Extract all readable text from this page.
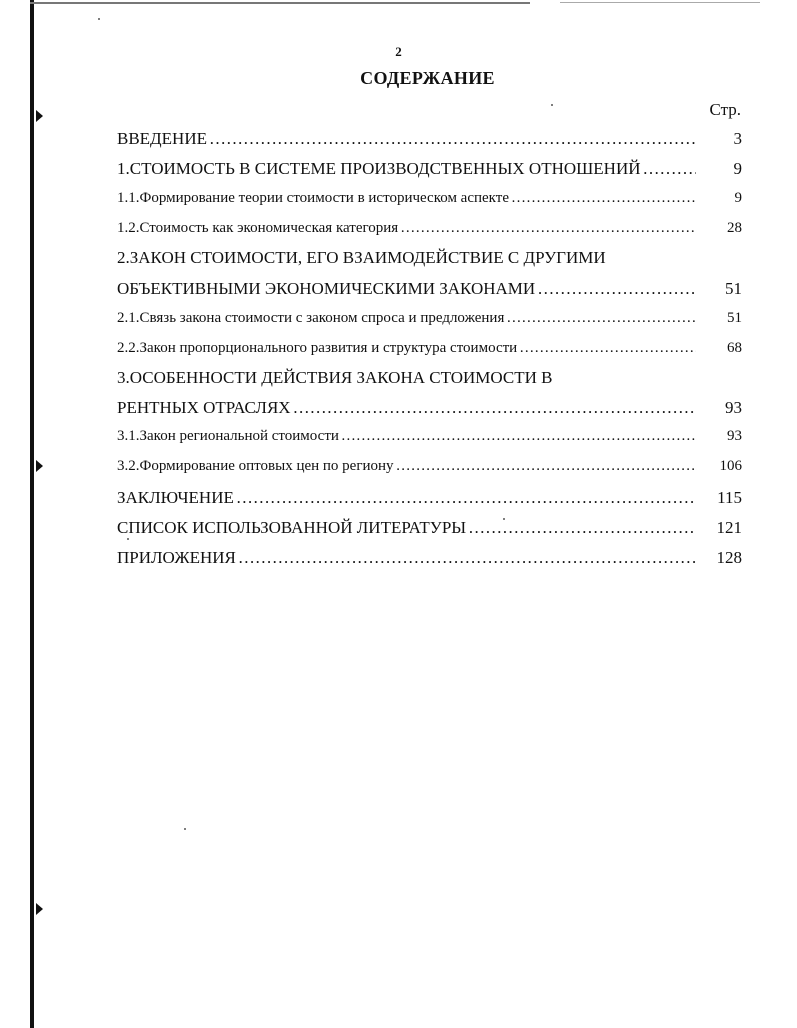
2
СОДЕРЖАНИЕ
Стр.
ВВЕДЕНИЕ …………………………………………………………………………………………………………………………………………………………………………	3
1.СТОИМОСТЬ В СИСТЕМЕ ПРОИЗВОДСТВЕННЫХ ОТНОШЕНИЙ …………………………………………………………………………………………………………………………………………………………………………	9
1.1.Формирование теории стоимости в историческом аспекте …………………………………………………………………………………………………………………………………………………………………………	9
1.2.Стоимость как экономическая категория …………………………………………………………………………………………………………………………………………………………………………	28
2.ЗАКОН СТОИМОСТИ, ЕГО ВЗАИМОДЕЙСТВИЕ С ДРУГИМИ
ОБЪЕКТИВНЫМИ ЭКОНОМИЧЕСКИМИ ЗАКОНАМИ …………………………………………………………………………………………………………………………………………………………………………	51
2.1.Связь закона стоимости с законом спроса и предложения …………………………………………………………………………………………………………………………………………………………………………	51
2.2.Закон пропорционального развития и структура стоимости …………………………………………………………………………………………………………………………………………………………………………	68
3.ОСОБЕННОСТИ ДЕЙСТВИЯ ЗАКОНА СТОИМОСТИ В
РЕНТНЫХ ОТРАСЛЯХ …………………………………………………………………………………………………………………………………………………………………………	93
3.1.Закон региональной стоимости …………………………………………………………………………………………………………………………………………………………………………	93
3.2.Формирование оптовых цен по региону …………………………………………………………………………………………………………………………………………………………………………	106
ЗАКЛЮЧЕНИЕ …………………………………………………………………………………………………………………………………………………………………………	115
СПИСОК ИСПОЛЬЗОВАННОЙ ЛИТЕРАТУРЫ …………………………………………………………………………………………………………………………………………………………………………	121
ПРИЛОЖЕНИЯ …………………………………………………………………………………………………………………………………………………………………………	128
